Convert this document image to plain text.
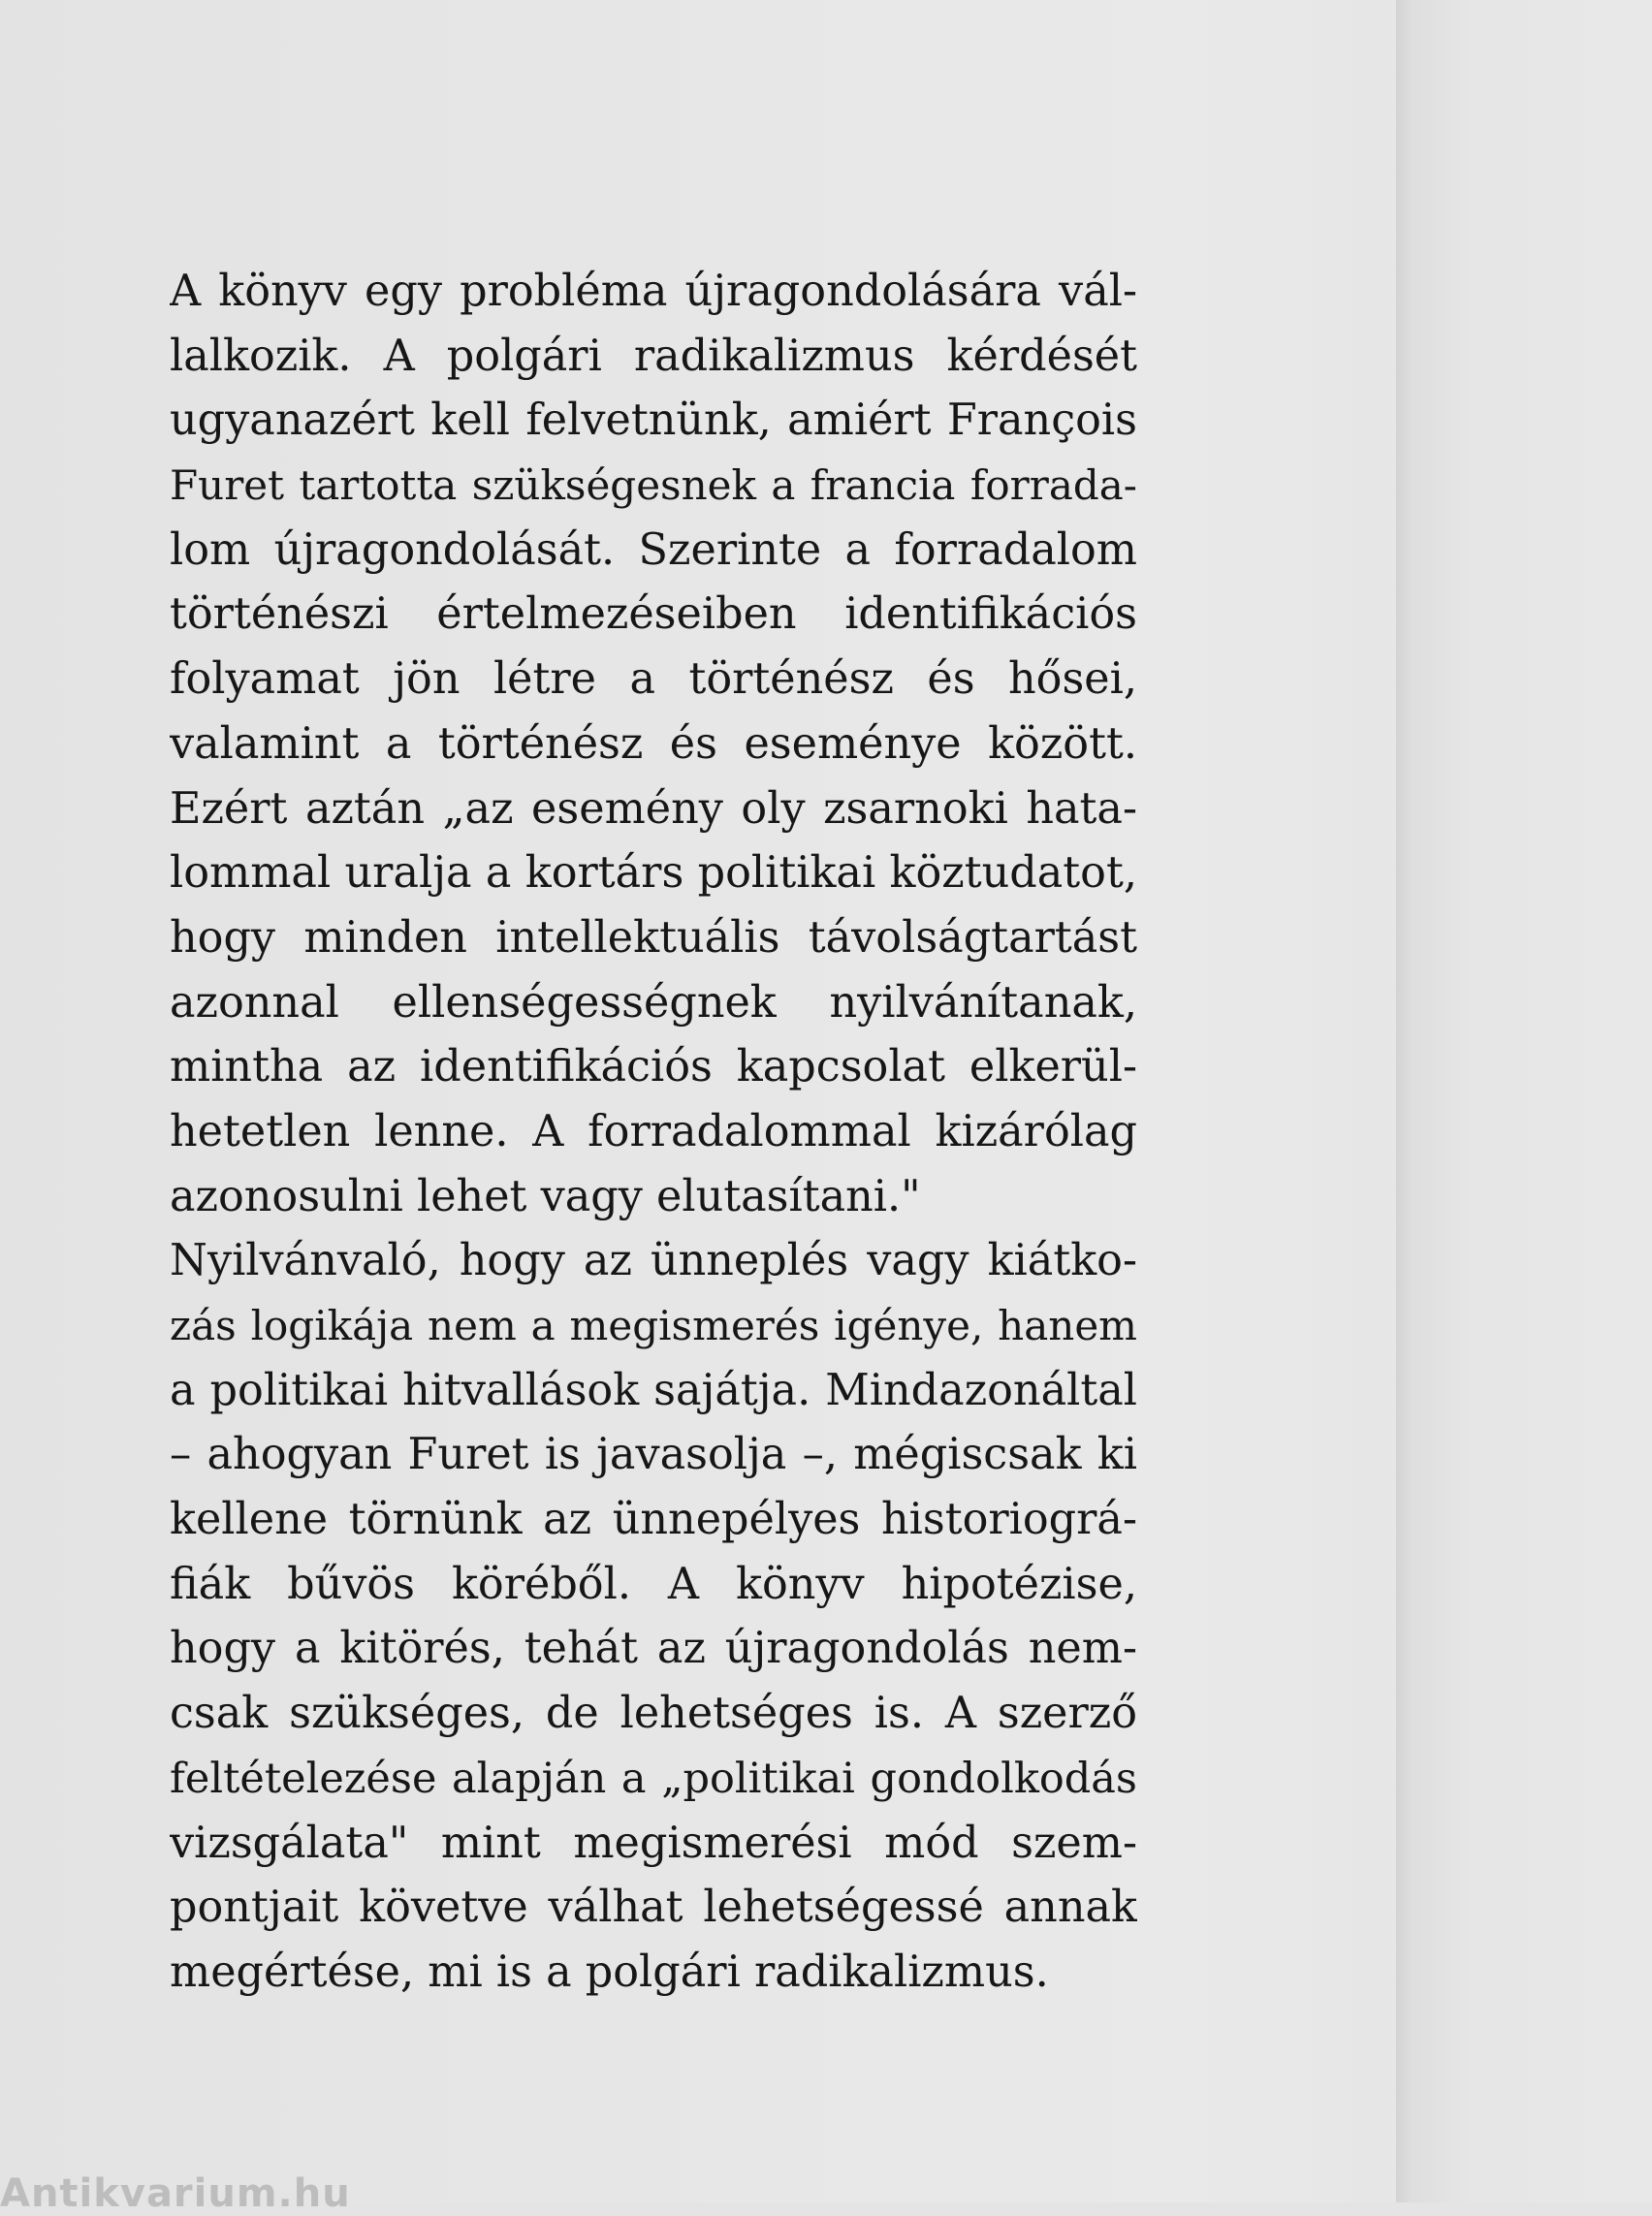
A könyv egy probléma újragondolására vál-
lalkozik. A polgári radikalizmus kérdését
ugyanazért kell felvetnünk, amiért François
Furet tartotta szükségesnek a francia forrada-
lom újragondolását. Szerinte a forradalom
történészi értelmezéseiben identifikációs
folyamat jön létre a történész és hősei,
valamint a történész és eseménye között.
Ezért aztán „az esemény oly zsarnoki hata-
lommal uralja a kortárs politikai köztudatot,
hogy minden intellektuális távolságtartást
azonnal ellenségességnek nyilvánítanak,
mintha az identifikációs kapcsolat elkerül-
hetetlen lenne. A forradalommal kizárólag
azonosulni lehet vagy elutasítani."
Nyilvánvaló, hogy az ünneplés vagy kiátko-
zás logikája nem a megismerés igénye, hanem
a politikai hitvallások sajátja. Mindazonáltal
– ahogyan Furet is javasolja –, mégiscsak ki
kellene törnünk az ünnepélyes historiográ-
fiák bűvös köréből. A könyv hipotézise,
hogy a kitörés, tehát az újragondolás nem-
csak szükséges, de lehetséges is. A szerző
feltételezése alapján a „politikai gondolkodás
vizsgálata" mint megismerési mód szem-
pontjait követve válhat lehetségessé annak
megértése, mi is a polgári radikalizmus.
Antikvarium.hu
